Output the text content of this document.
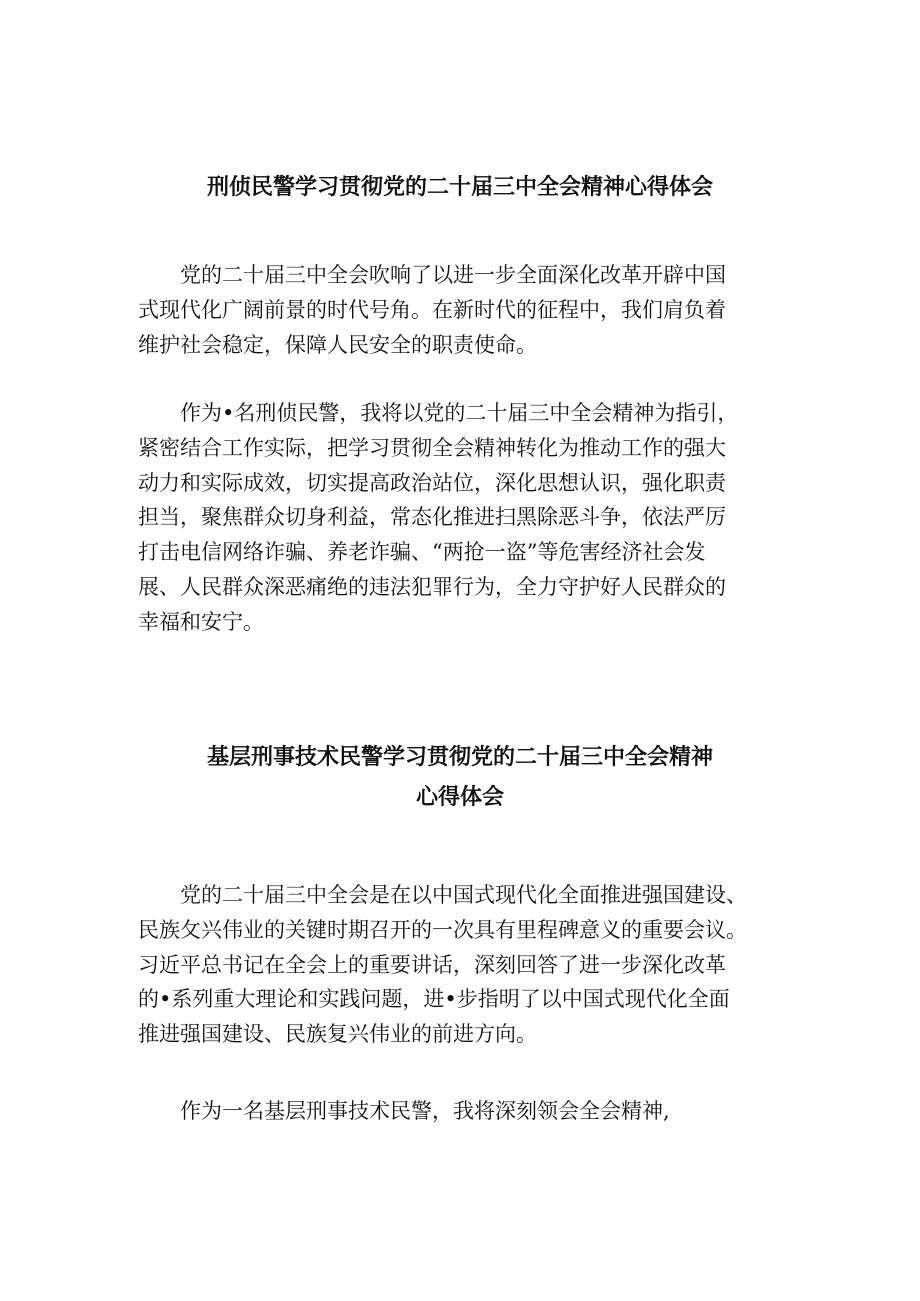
刑侦民警学习贯彻党的二十届三中全会精神心得体会

党的二十届三中全会吹响了以进一步全面深化改革开辟中国
式现代化广阔前景的时代号角。在新时代的征程中，我们肩负着
维护社会稳定，保障人民安全的职责使命。

作为•名刑侦民警，我将以党的二十届三中全会精神为指引，
紧密结合工作实际，把学习贯彻全会精神转化为推动工作的强大
动力和实际成效，切实提高政治站位，深化思想认识，强化职责
担当，聚焦群众切身利益，常态化推进扫黑除恶斗争，依法严厉
打击电信网络诈骗、养老诈骗、“两抢一盗”等危害经济社会发
展、人民群众深恶痛绝的违法犯罪行为，全力守护好人民群众的
幸福和安宁。

基层刑事技术民警学习贯彻党的二十届三中全会精神
心得体会

党的二十届三中全会是在以中国式现代化全面推进强国建设、
民族攵兴伟业的关键时期召开的一次具有里程碑意义的重要会议。
习近平总书记在全会上的重要讲话，深刻回答了进一步深化改革
的•系列重大理论和实践问题，进•步指明了以中国式现代化全面
推进强国建设、民族复兴伟业的前进方向。

作为一名基层刑事技术民警，我将深刻领会全会精神,
